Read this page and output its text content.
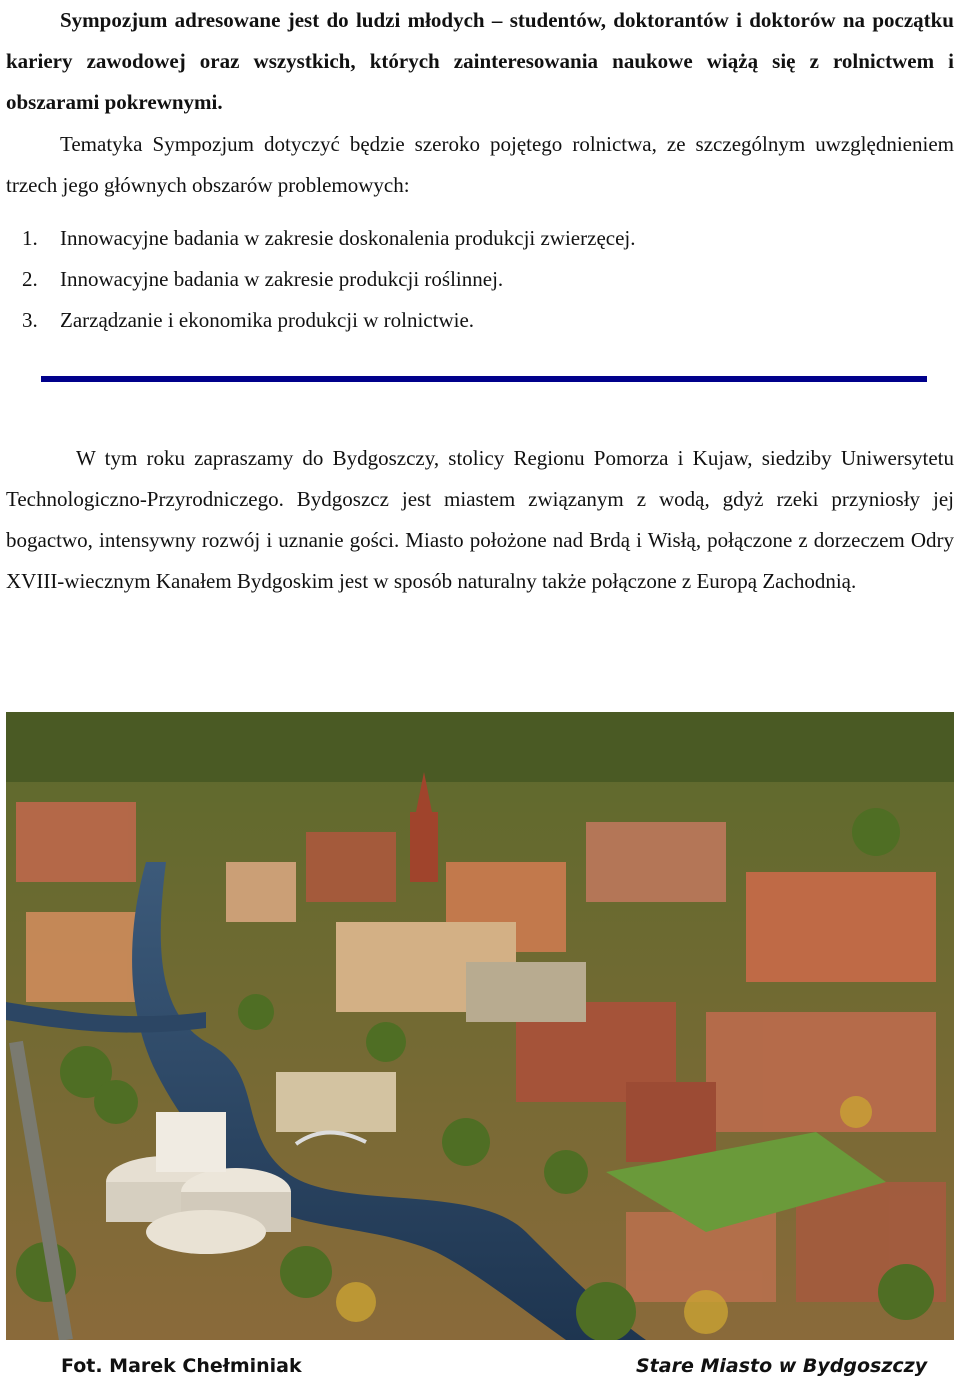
Sympozjum adresowane jest do ludzi młodych – studentów, doktorantów i doktorów na początku kariery zawodowej oraz wszystkich, których zainteresowania naukowe wiążą się z rolnictwem i obszarami pokrewnymi.

Tematyka Sympozjum dotyczyć będzie szeroko pojętego rolnictwa, ze szczególnym uwzględnieniem trzech jego głównych obszarów problemowych:

1.	Innowacyjne badania w zakresie doskonalenia produkcji zwierzęcej.
2.	Innowacyjne badania w zakresie produkcji roślinnej.
3.	Zarządzanie i ekonomika produkcji w rolnictwie.

W tym roku zapraszamy do Bydgoszczy, stolicy Regionu Pomorza i Kujaw, siedziby Uniwersytetu Technologiczno-Przyrodniczego. Bydgoszcz jest miastem związanym z wodą, gdyż rzeki przyniosły jej bogactwo, intensywny rozwój i uznanie gości. Miasto położone nad Brdą i Wisłą, połączone z dorzeczem Odry XVIII-wiecznym Kanałem Bydgoskim jest w sposób naturalny także połączone z Europą Zachodnią.

Fot. Marek Chełminiak	Stare Miasto w Bydgoszczy
